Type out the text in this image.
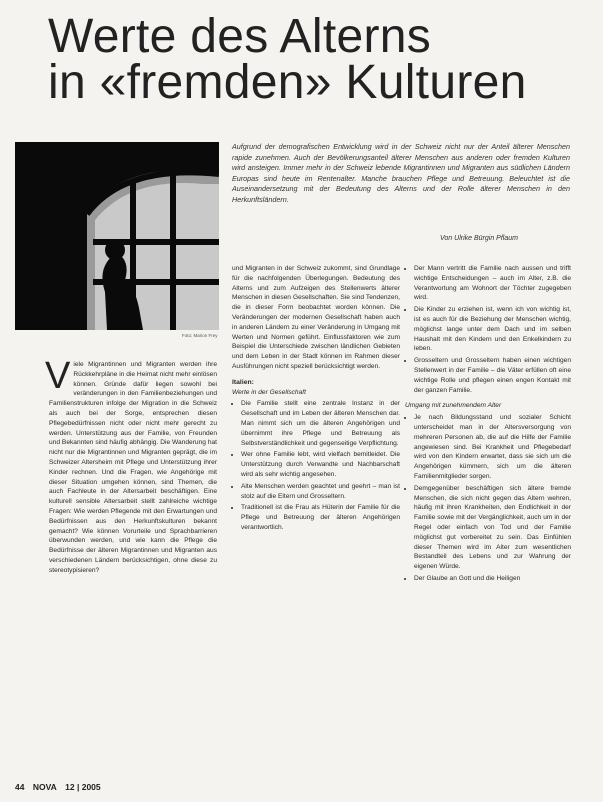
Werte des Alterns
in «fremden» Kulturen
Foto: Marion Frey
Aufgrund der demografischen Entwicklung wird in der Schweiz nicht nur der Anteil älterer Menschen rapide zunehmen. Auch der Bevölkerungsanteil älterer Menschen aus anderen oder fremden Kulturen wird ansteigen. Immer mehr in der Schweiz lebende Migrantinnen und Migranten aus südlichen Ländern Europas sind heute im Rentenalter. Manche brauchen Pflege und Betreuung. Beleuchtet ist die Auseinandersetzung mit der Bedeutung des Alterns und der Rolle älterer Menschen in den Herkunftsländern.
Von Ulrike Bürgin Pflaum
V iele Migrantinnen und Migranten werden ihre Rückkehrpläne in die Heimat nicht mehr einlösen können. Gründe dafür liegen sowohl bei veränderungen in den Familienbeziehungen und Familienstrukturen infolge der Migration in die Schweiz als auch bei der Sorge, entsprechen diesen Pflegebedürfnissen nicht oder nicht mehr gerecht zu werden. Unterstützung aus der Familie, von Freunden und Bekannten sind häufig abhängig. Die Wanderung hat nicht nur die Migrantinnen und Migranten geprägt, die im Schweizer Altersheim mit Pflege und Unterstützung ihrer Kinder rechnen. Und die Fragen, wie Angehörige mit dieser Situation umgehen können, sind Themen, die auch Fachleute in der Altersarbeit beschäftigen. Eine kulturell sensible Altersarbeit stellt zahlreiche wichtige Fragen: Wie werden Pflegende mit den Erwartungen und Bedürfnissen aus den Herkunftskulturen bekannt gemacht? Wie können Vorurteile und Sprachbarrieren überwunden werden, und wie kann die Pflege die Bedürfnisse der älteren Migrantinnen und Migranten aus verschiedenen Ländern berücksichtigen, ohne diese zu stereotypisieren?

und Migranten in der Schweiz zukommt, sind Grundlage für die nachfolgenden Überlegungen. Bedeutung des Alterns und zum Aufzeigen des Stellenwerts älterer Menschen in diesen Gesellschaften. Sie sind Tendenzen, die in dieser Form beobachtet worden können. Die Veränderungen der modernen Gesellschaft haben auch in anderen Ländern zu einer Veränderung in Umgang mit Werten und Normen geführt. Einflussfaktoren wie zum Beispiel die Unterschiede zwischen ländlichen Gebieten und dem Leben in der Stadt können im Rahmen dieser Ausführungen nicht speziell berücksichtigt werden.

Italien:
Werte in der Gesellschaft
• Die Familie stellt eine zentrale Instanz in der Gesellschaft und im Leben der älteren Menschen dar. Man nimmt sich um die älteren Angehörigen und übernimmt ihre Pflege und Betreuung als Selbstverständlichkeit und gegenseitige Verpflichtung.
• Wer ohne Familie lebt, wird vielfach bemitleidet. Die Unterstützung durch Verwandte und Nachbarschaft wird als sehr wichtig angesehen.
• Alte Menschen werden geachtet und geehrt – man ist stolz auf die Eltern und Grosseltern.
• Traditionell ist die Frau als Hüterin der Familie für die Pflege und Betreuung der älteren Angehörigen verantwortlich.
• Der Mann vertritt die Familie nach aussen und trifft wichtige Entscheidungen – auch im Alter, z.B. die Verantwortung am Wohnort der Töchter zugegeben wird.
• Die Kinder zu erziehen ist, wenn ich von wichtig ist, ist es auch für die Beziehung der Menschen wichtig, möglichst lange unter dem Dach und im selben Haushalt mit den Kindern und den Enkelkindern zu leben.
• Grosseltern und Grosseltern haben einen wichtigen Stellenwert in der Familie – die Väter erfüllen oft eine wichtige Rolle und pflegen einen engen Kontakt mit der ganzen Familie.
Umgang mit zunehmendem Alter
• Je nach Bildungsstand und sozialer Schicht unterscheidet man in der Altersversorgung von mehreren Personen ab, die auf die Hilfe der Familie angewiesen sind. Bei Krankheit und Pflegebedarf wird von den Kindern erwartet, dass sie sich um die Angehörigen kümmern, sich um die älteren Familienmitglieder sorgen.
• Demgegenüber beschäftigen sich ältere fremde Menschen, die sich nicht gegen das Altern wehren, häufig mit ihren Krankheiten, den Endlichkeit in der Familie sowie mit der Vergänglichkeit, auch um in der Regel oder einfach von Tod und der Familie möglichst gut vorbereitet zu sein. Das Einfühlen dieser Themen wird im Alter zum wesentlichen Bestandteil des Lebens und zur Wahrung der eigenen Würde.
• Der Glaube an Gott und die Heiligen
44 NOVA 12 | 2005
